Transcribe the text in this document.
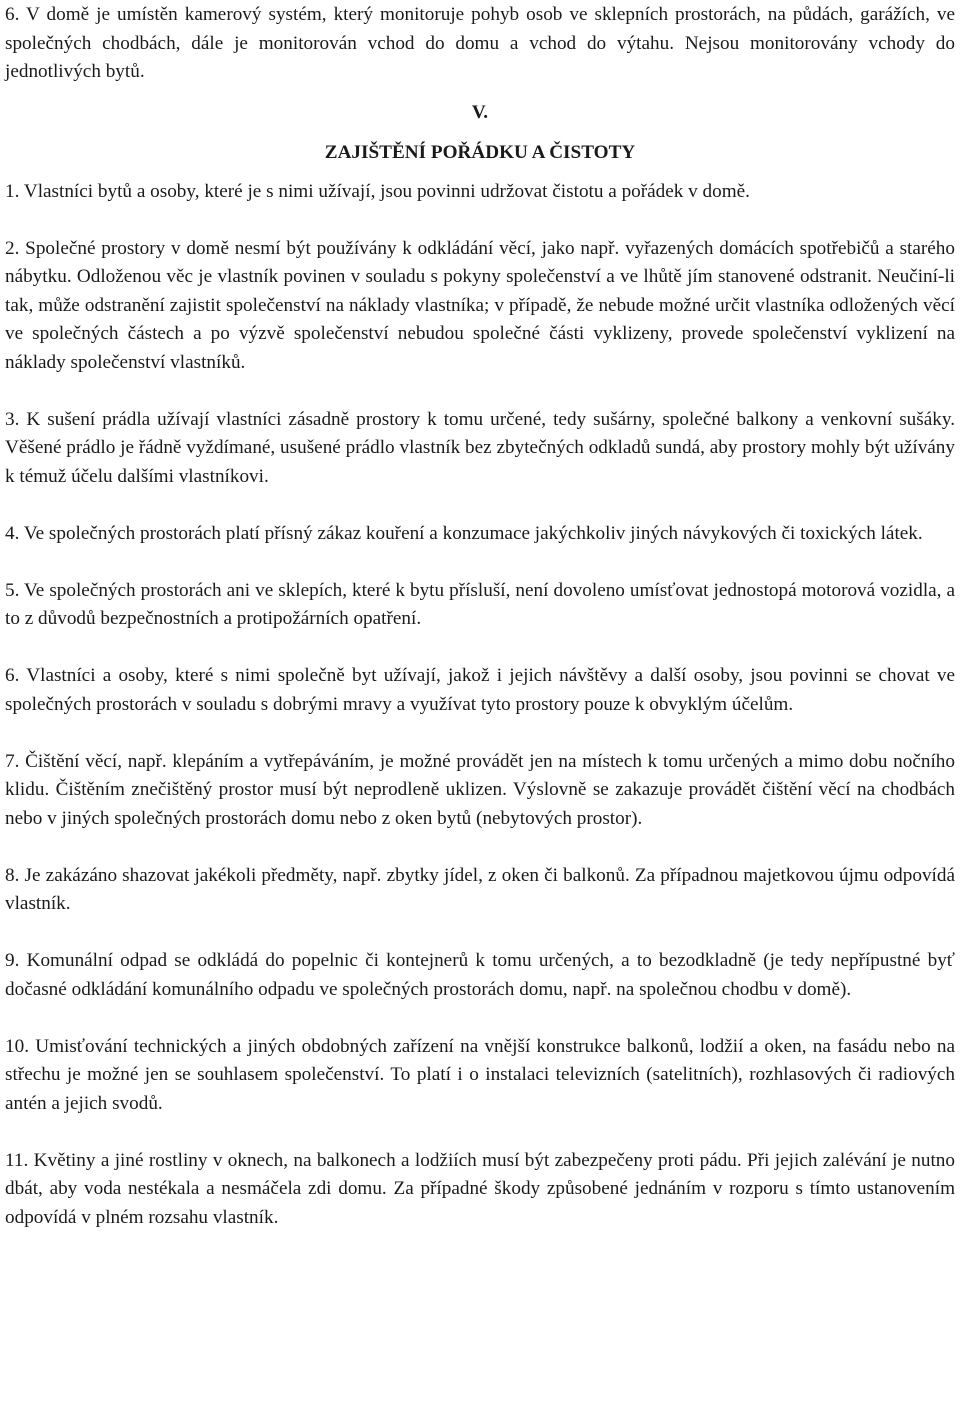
6. V domě je umístěn kamerový systém, který monitoruje pohyb osob ve sklepních prostorách, na půdách, garážích, ve společných chodbách, dále je monitorován vchod do domu a vchod do výtahu. Nejsou monitorovány vchody do jednotlivých bytů.

V.

ZAJIŠTĚNÍ POŘÁDKU A ČISTOTY

1. Vlastníci bytů a osoby, které je s nimi užívají, jsou povinni udržovat čistotu a pořádek v domě.

2. Společné prostory v domě nesmí být používány k odkládání věcí, jako např. vyřazených domácích spotřebičů a starého nábytku. Odloženou věc je vlastník povinen v souladu s pokyny společenství a ve lhůtě jím stanovené odstranit. Neučiní-li tak, může odstranění zajistit společenství na náklady vlastníka; v případě, že nebude možné určit vlastníka odložených věcí ve společných částech a po výzvě společenství nebudou společné části vyklizeny, provede společenství vyklizení na náklady společenství vlastníků.

3. K sušení prádla užívají vlastníci zásadně prostory k tomu určené, tedy sušárny, společné balkony a venkovní sušáky. Věšené prádlo je řádně vyždímané, usušené prádlo vlastník bez zbytečných odkladů sundá, aby prostory mohly být užívány k témuž účelu dalšími vlastníkovi.

4. Ve společných prostorách platí přísný zákaz kouření a konzumace jakýchkoliv jiných návykových či toxických látek.

5. Ve společných prostorách ani ve sklepích, které k bytu přísluší, není dovoleno umísťovat jednostopá motorová vozidla, a to z důvodů bezpečnostních a protipožárních opatření.

6. Vlastníci a osoby, které s nimi společně byt užívají, jakož i jejich návštěvy a další osoby, jsou povinni se chovat ve společných prostorách v souladu s dobrými mravy a využívat tyto prostory pouze k obvyklým účelům.

7. Čištění věcí, např. klepáním a vytřepáváním, je možné provádět jen na místech k tomu určených a mimo dobu nočního klidu. Čištěním znečištěný prostor musí být neprodleně uklizen. Výslovně se zakazuje provádět čištění věcí na chodbách nebo v jiných společných prostorách domu nebo z oken bytů (nebytových prostor).

8. Je zakázáno shazovat jakékoli předměty, např. zbytky jídel, z oken či balkonů. Za případnou majetkovou újmu odpovídá vlastník.

9. Komunální odpad se odkládá do popelnic či kontejnerů k tomu určených, a to bezodkladně (je tedy nepřípustné byť dočasné odkládání komunálního odpadu ve společných prostorách domu, např. na společnou chodbu v domě).

10. Umisťování technických a jiných obdobných zařízení na vnější konstrukce balkonů, lodžií a oken, na fasádu nebo na střechu je možné jen se souhlasem společenství. To platí i o instalaci televizních (satelitních), rozhlasových či radiových antén a jejich svodů.

11. Květiny a jiné rostliny v oknech, na balkonech a lodžiích musí být zabezpečeny proti pádu. Při jejich zalévání je nutno dbát, aby voda nestékala a nesmáčela zdi domu. Za případné škody způsobené jednáním v rozporu s tímto ustanovením odpovídá v plném rozsahu vlastník.
